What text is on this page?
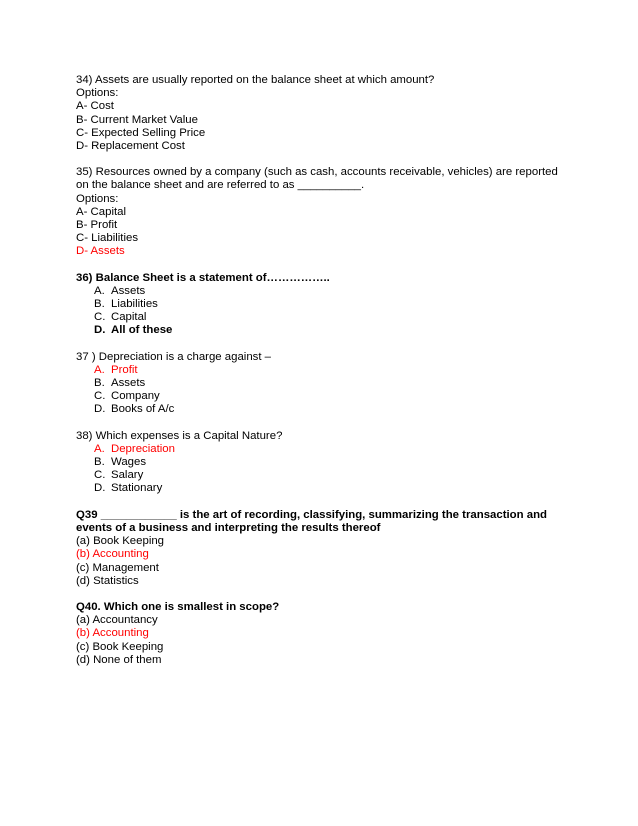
34) Assets are usually reported on the balance sheet at which amount?

Options:

A- Cost

B- Current Market Value

C- Expected Selling Price

D- Replacement Cost

35) Resources owned by a company (such as cash, accounts receivable, vehicles) are reported

on the balance sheet and are referred to as __________.

Options:

A- Capital

B- Profit

C- Liabilities

D- Assets

36) Balance Sheet is a statement of……………..

A. Assets

B. Liabilities

C. Capital

D. All of these

37 ) Depreciation is a charge against –

A. Profit

B. Assets

C. Company

D. Books of A/c

38) Which expenses is a Capital Nature?

A. Depreciation

B. Wages

C. Salary

D. Stationary

Q39 ____________ is the art of recording, classifying, summarizing the transaction and

events of a business and interpreting the results thereof

(a) Book Keeping

(b) Accounting

(c) Management

(d) Statistics

Q40. Which one is smallest in scope?

(a) Accountancy

(b) Accounting

(c) Book Keeping

(d) None of them
